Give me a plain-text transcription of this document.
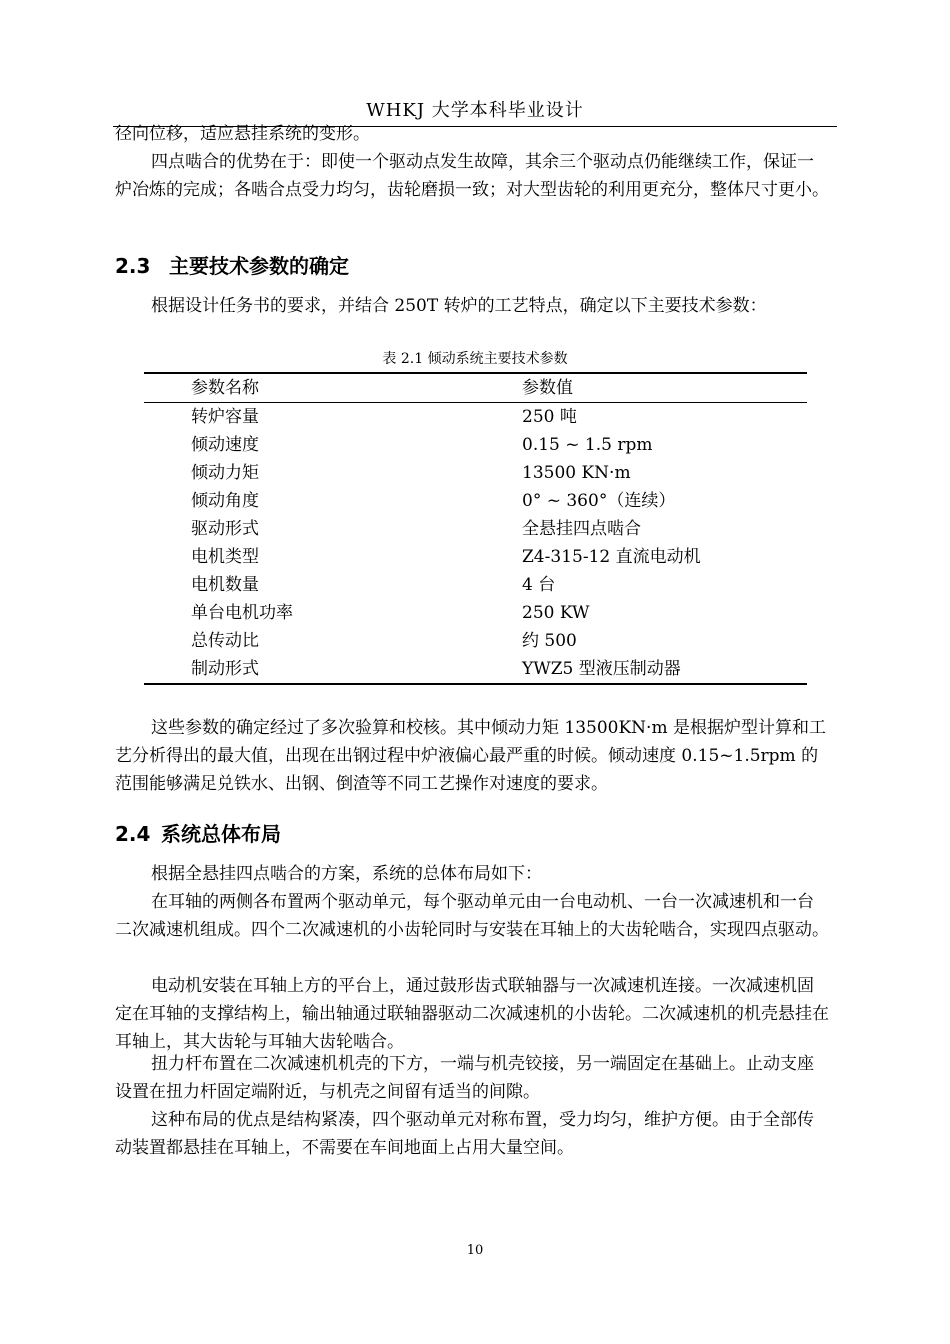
WHKJ 大学本科毕业设计

径向位移，适应悬挂系统的变形。

四点啮合的优势在于：即使一个驱动点发生故障，其余三个驱动点仍能继续工作，保证一炉冶炼的完成；各啮合点受力均匀，齿轮磨损一致；对大型齿轮的利用更充分，整体尺寸更小。

2.3 主要技术参数的确定

根据设计任务书的要求，并结合 250T 转炉的工艺特点，确定以下主要技术参数：

表 2.1 倾动系统主要技术参数
参数名称	参数值
转炉容量	250 吨
倾动速度	0.15 ~ 1.5 rpm
倾动力矩	13500 KN·m
倾动角度	0° ~ 360°（连续）
驱动形式	全悬挂四点啮合
电机类型	Z4-315-12 直流电动机
电机数量	4 台
单台电机功率	250 KW
总传动比	约 500
制动形式	YWZ5 型液压制动器

这些参数的确定经过了多次验算和校核。其中倾动力矩 13500KN·m 是根据炉型计算和工艺分析得出的最大值，出现在出钢过程中炉液偏心最严重的时候。倾动速度 0.15~1.5rpm 的范围能够满足兑铁水、出钢、倒渣等不同工艺操作对速度的要求。

2.4 系统总体布局

根据全悬挂四点啮合的方案，系统的总体布局如下：

在耳轴的两侧各布置两个驱动单元，每个驱动单元由一台电动机、一台一次减速机和一台二次减速机组成。四个二次减速机的小齿轮同时与安装在耳轴上的大齿轮啮合，实现四点驱动。

电动机安装在耳轴上方的平台上，通过鼓形齿式联轴器与一次减速机连接。一次减速机固定在耳轴的支撑结构上，输出轴通过联轴器驱动二次减速机的小齿轮。二次减速机的机壳悬挂在耳轴上，其大齿轮与耳轴大齿轮啮合。

扭力杆布置在二次减速机机壳的下方，一端与机壳铰接，另一端固定在基础上。止动支座设置在扭力杆固定端附近，与机壳之间留有适当的间隙。

这种布局的优点是结构紧凑，四个驱动单元对称布置，受力均匀，维护方便。由于全部传动装置都悬挂在耳轴上，不需要在车间地面上占用大量空间。

10
